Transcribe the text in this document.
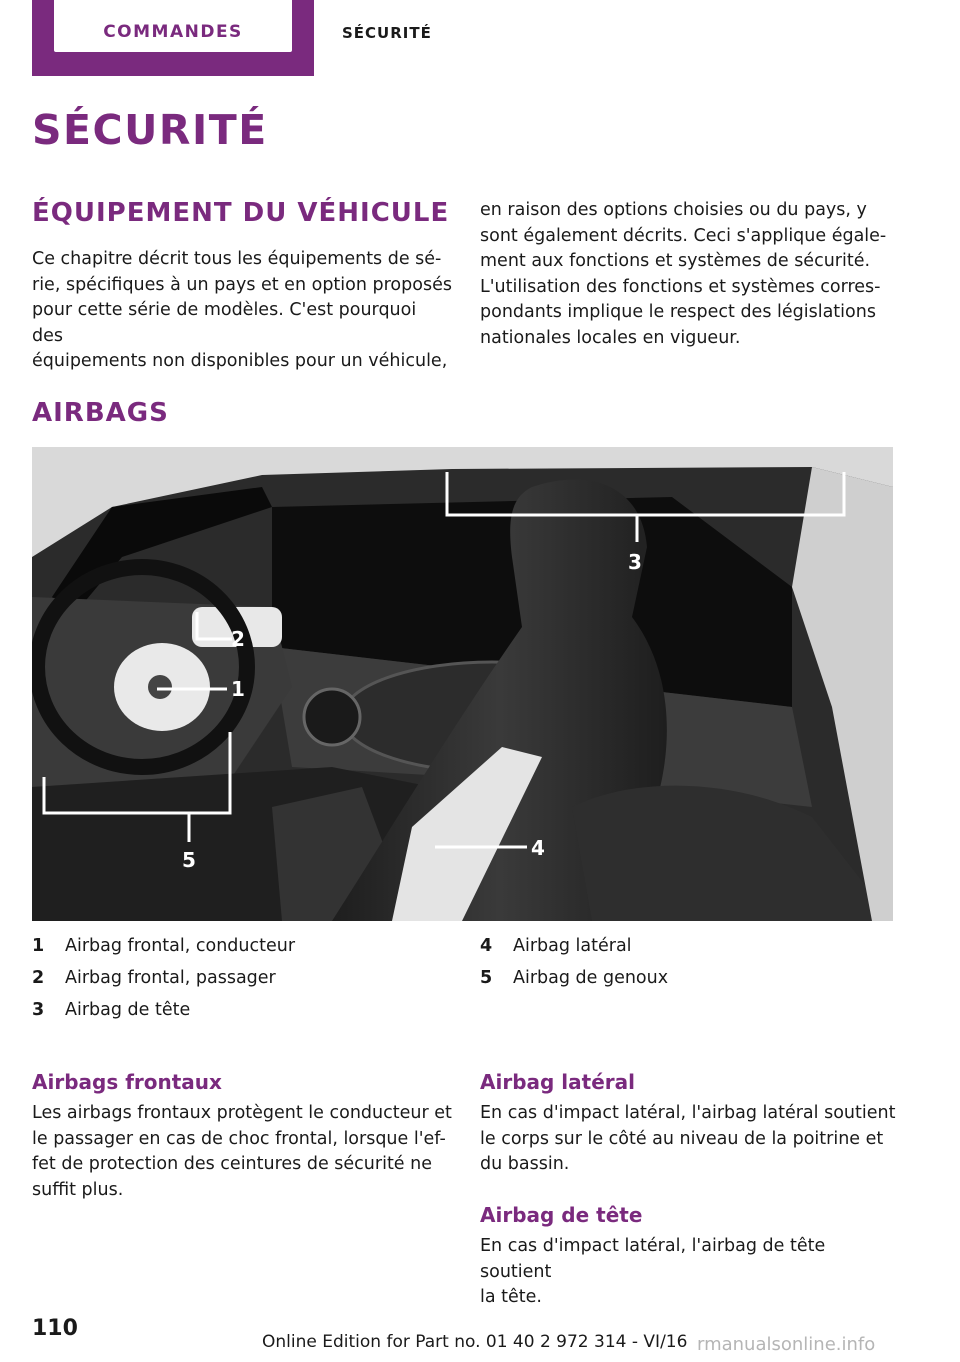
COMMANDES	SÉCURITÉ
SÉCURITÉ
ÉQUIPEMENT DU VÉHICULE
Ce chapitre décrit tous les équipements de sé-
rie, spécifiques à un pays et en option proposés
pour cette série de modèles. C'est pourquoi des
équipements non disponibles pour un véhicule,
en raison des options choisies ou du pays, y
sont également décrits. Ceci s'applique égale-
ment aux fonctions et systèmes de sécurité.
L'utilisation des fonctions et systèmes corres-
pondants implique le respect des législations
nationales locales en vigueur.
AIRBAGS
3
2
1
4
5
1 Airbag frontal, conducteur
2 Airbag frontal, passager
3 Airbag de tête
4 Airbag latéral
5 Airbag de genoux
Airbags frontaux
Les airbags frontaux protègent le conducteur et
le passager en cas de choc frontal, lorsque l'ef-
fet de protection des ceintures de sécurité ne
suffit plus.
Airbag latéral
En cas d'impact latéral, l'airbag latéral soutient
le corps sur le côté au niveau de la poitrine et
du bassin.
Airbag de tête
En cas d'impact latéral, l'airbag de tête soutient
la tête.
110
Online Edition for Part no. 01 40 2 972 314 - VI/16 rmanualsonline.info
